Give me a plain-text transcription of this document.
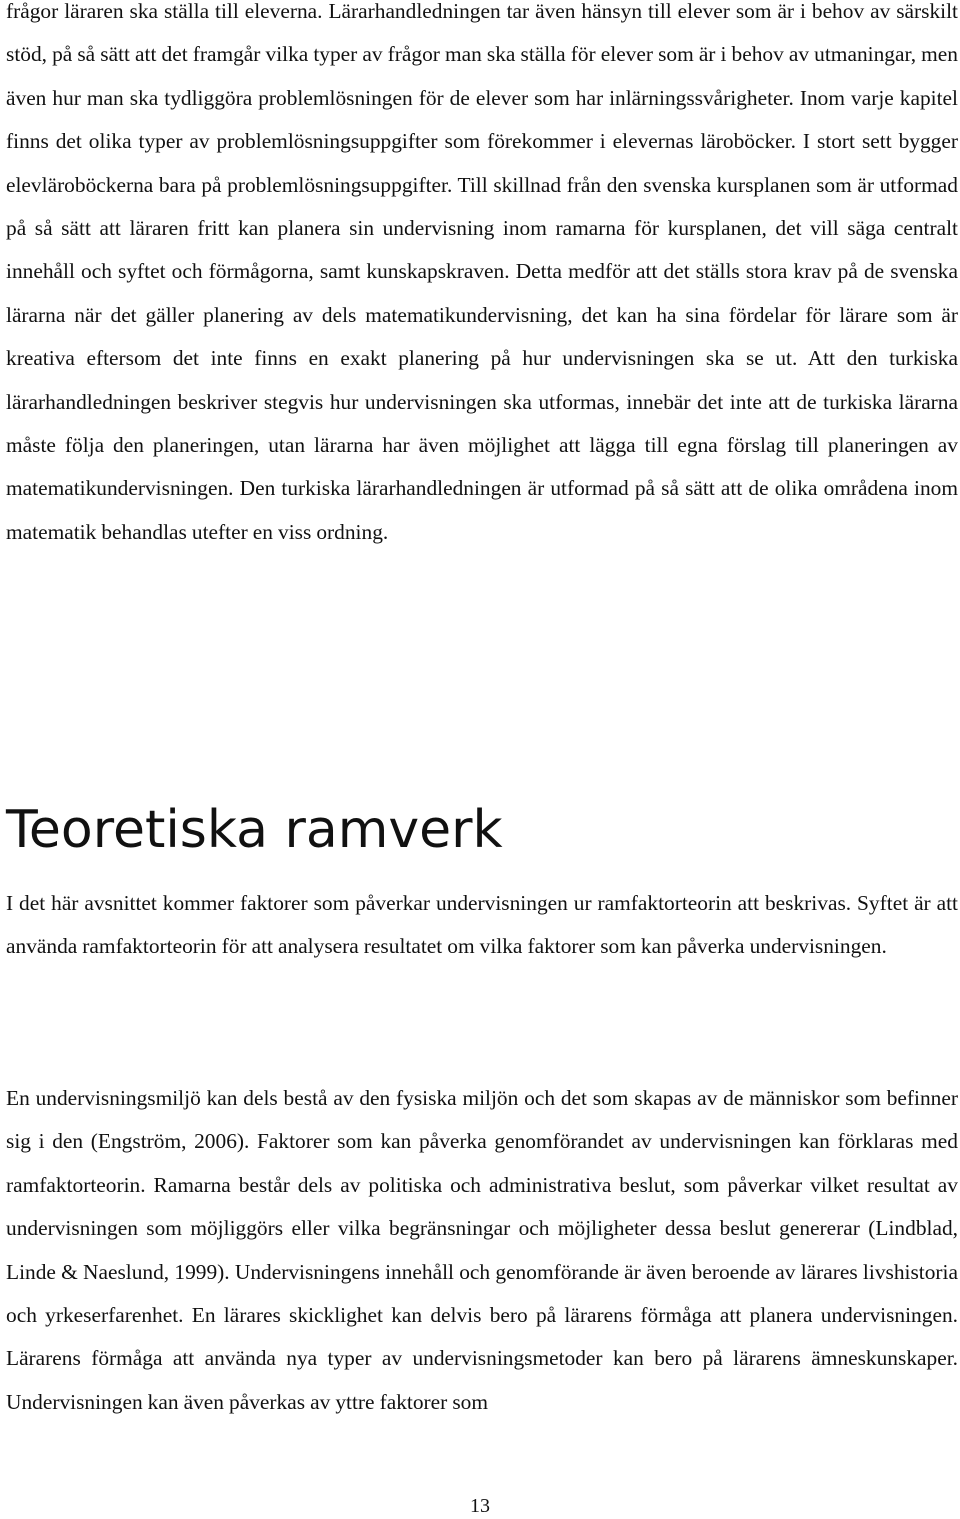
frågor läraren ska ställa till eleverna. Lärarhandledningen tar även hänsyn till elever som är i behov av särskilt stöd, på så sätt att det framgår vilka typer av frågor man ska ställa för elever som är i behov av utmaningar, men även hur man ska tydliggöra problemlösningen för de elever som har inlärningssvårigheter. Inom varje kapitel finns det olika typer av problemlösningsuppgifter som förekommer i elevernas läroböcker. I stort sett bygger elevläroböckerna bara på problemlösningsuppgifter. Till skillnad från den svenska kursplanen som är utformad på så sätt att läraren fritt kan planera sin undervisning inom ramarna för kursplanen, det vill säga centralt innehåll och syftet och förmågorna, samt kunskapskraven. Detta medför att det ställs stora krav på de svenska lärarna när det gäller planering av dels matematikundervisning, det kan ha sina fördelar för lärare som är kreativa eftersom det inte finns en exakt planering på hur undervisningen ska se ut. Att den turkiska lärarhandledningen beskriver stegvis hur undervisningen ska utformas, innebär det inte att de turkiska lärarna måste följa den planeringen, utan lärarna har även möjlighet att lägga till egna förslag till planeringen av matematikundervisningen. Den turkiska lärarhandledningen är utformad på så sätt att de olika områdena inom matematik behandlas utefter en viss ordning.

Teoretiska ramverk

I det här avsnittet kommer faktorer som påverkar undervisningen ur ramfaktorteorin att beskrivas. Syftet är att använda ramfaktorteorin för att analysera resultatet om vilka faktorer som kan påverka undervisningen.

En undervisningsmiljö kan dels bestå av den fysiska miljön och det som skapas av de människor som befinner sig i den (Engström, 2006). Faktorer som kan påverka genomförandet av undervisningen kan förklaras med ramfaktorteorin. Ramarna består dels av politiska och administrativa beslut, som påverkar vilket resultat av undervisningen som möjliggörs eller vilka begränsningar och möjligheter dessa beslut genererar (Lindblad, Linde & Naeslund, 1999). Undervisningens innehåll och genomförande är även beroende av lärares livshistoria och yrkeserfarenhet. En lärares skicklighet kan delvis bero på lärarens förmåga att planera undervisningen. Lärarens förmåga att använda nya typer av undervisningsmetoder kan bero på lärarens ämneskunskaper. Undervisningen kan även påverkas av yttre faktorer som

13
